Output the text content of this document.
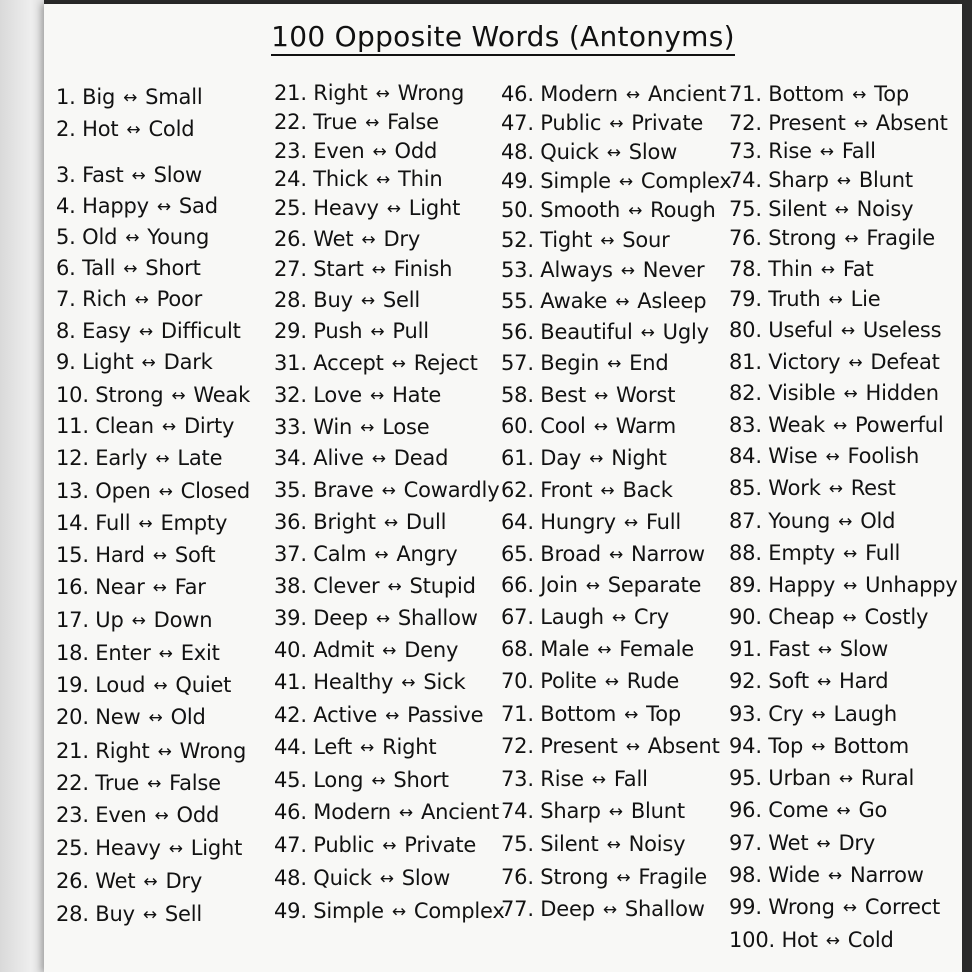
100 Opposite Words (Antonyms)
1. Big ↔ Small
2. Hot ↔ Cold
3. Fast ↔ Slow
4. Happy ↔ Sad
5. Old ↔ Young
6. Tall ↔ Short
7. Rich ↔ Poor
8. Easy ↔ Difficult
9. Light ↔ Dark
10. Strong ↔ Weak
11. Clean ↔ Dirty
12. Early ↔ Late
13. Open ↔ Closed
14. Full ↔ Empty
15. Hard ↔ Soft
16. Near ↔ Far
17. Up ↔ Down
18. Enter ↔ Exit
19. Loud ↔ Quiet
20. New ↔ Old
21. Right ↔ Wrong
22. True ↔ False
23. Even ↔ Odd
25. Heavy ↔ Light
26. Wet ↔ Dry
28. Buy ↔ Sell
21. Right ↔ Wrong
22. True ↔ False
23. Even ↔ Odd
24. Thick ↔ Thin
25. Heavy ↔ Light
26. Wet ↔ Dry
27. Start ↔ Finish
28. Buy ↔ Sell
29. Push ↔ Pull
31. Accept ↔ Reject
32. Love ↔ Hate
33. Win ↔ Lose
34. Alive ↔ Dead
35. Brave ↔ Cowardly
36. Bright ↔ Dull
37. Calm ↔ Angry
38. Clever ↔ Stupid
39. Deep ↔ Shallow
40. Admit ↔ Deny
41. Healthy ↔ Sick
42. Active ↔ Passive
44. Left ↔ Right
45. Long ↔ Short
46. Modern ↔ Ancient
47. Public ↔ Private
48. Quick ↔ Slow
49. Simple ↔ Complex
46. Modern ↔ Ancient
47. Public ↔ Private
48. Quick ↔ Slow
49. Simple ↔ Complex
50. Smooth ↔ Rough
52. Tight ↔ Sour
53. Always ↔ Never
55. Awake ↔ Asleep
56. Beautiful ↔ Ugly
57. Begin ↔ End
58. Best ↔ Worst
60. Cool ↔ Warm
61. Day ↔ Night
62. Front ↔ Back
64. Hungry ↔ Full
65. Broad ↔ Narrow
66. Join ↔ Separate
67. Laugh ↔ Cry
68. Male ↔ Female
70. Polite ↔ Rude
71. Bottom ↔ Top
72. Present ↔ Absent
73. Rise ↔ Fall
74. Sharp ↔ Blunt
75. Silent ↔ Noisy
76. Strong ↔ Fragile
77. Deep ↔ Shallow
71. Bottom ↔ Top
72. Present ↔ Absent
73. Rise ↔ Fall
74. Sharp ↔ Blunt
75. Silent ↔ Noisy
76. Strong ↔ Fragile
78. Thin ↔ Fat
79. Truth ↔ Lie
80. Useful ↔ Useless
81. Victory ↔ Defeat
82. Visible ↔ Hidden
83. Weak ↔ Powerful
84. Wise ↔ Foolish
85. Work ↔ Rest
87. Young ↔ Old
88. Empty ↔ Full
89. Happy ↔ Unhappy
90. Cheap ↔ Costly
91. Fast ↔ Slow
92. Soft ↔ Hard
93. Cry ↔ Laugh
94. Top ↔ Bottom
95. Urban ↔ Rural
96. Come ↔ Go
97. Wet ↔ Dry
98. Wide ↔ Narrow
99. Wrong ↔ Correct
100. Hot ↔ Cold
